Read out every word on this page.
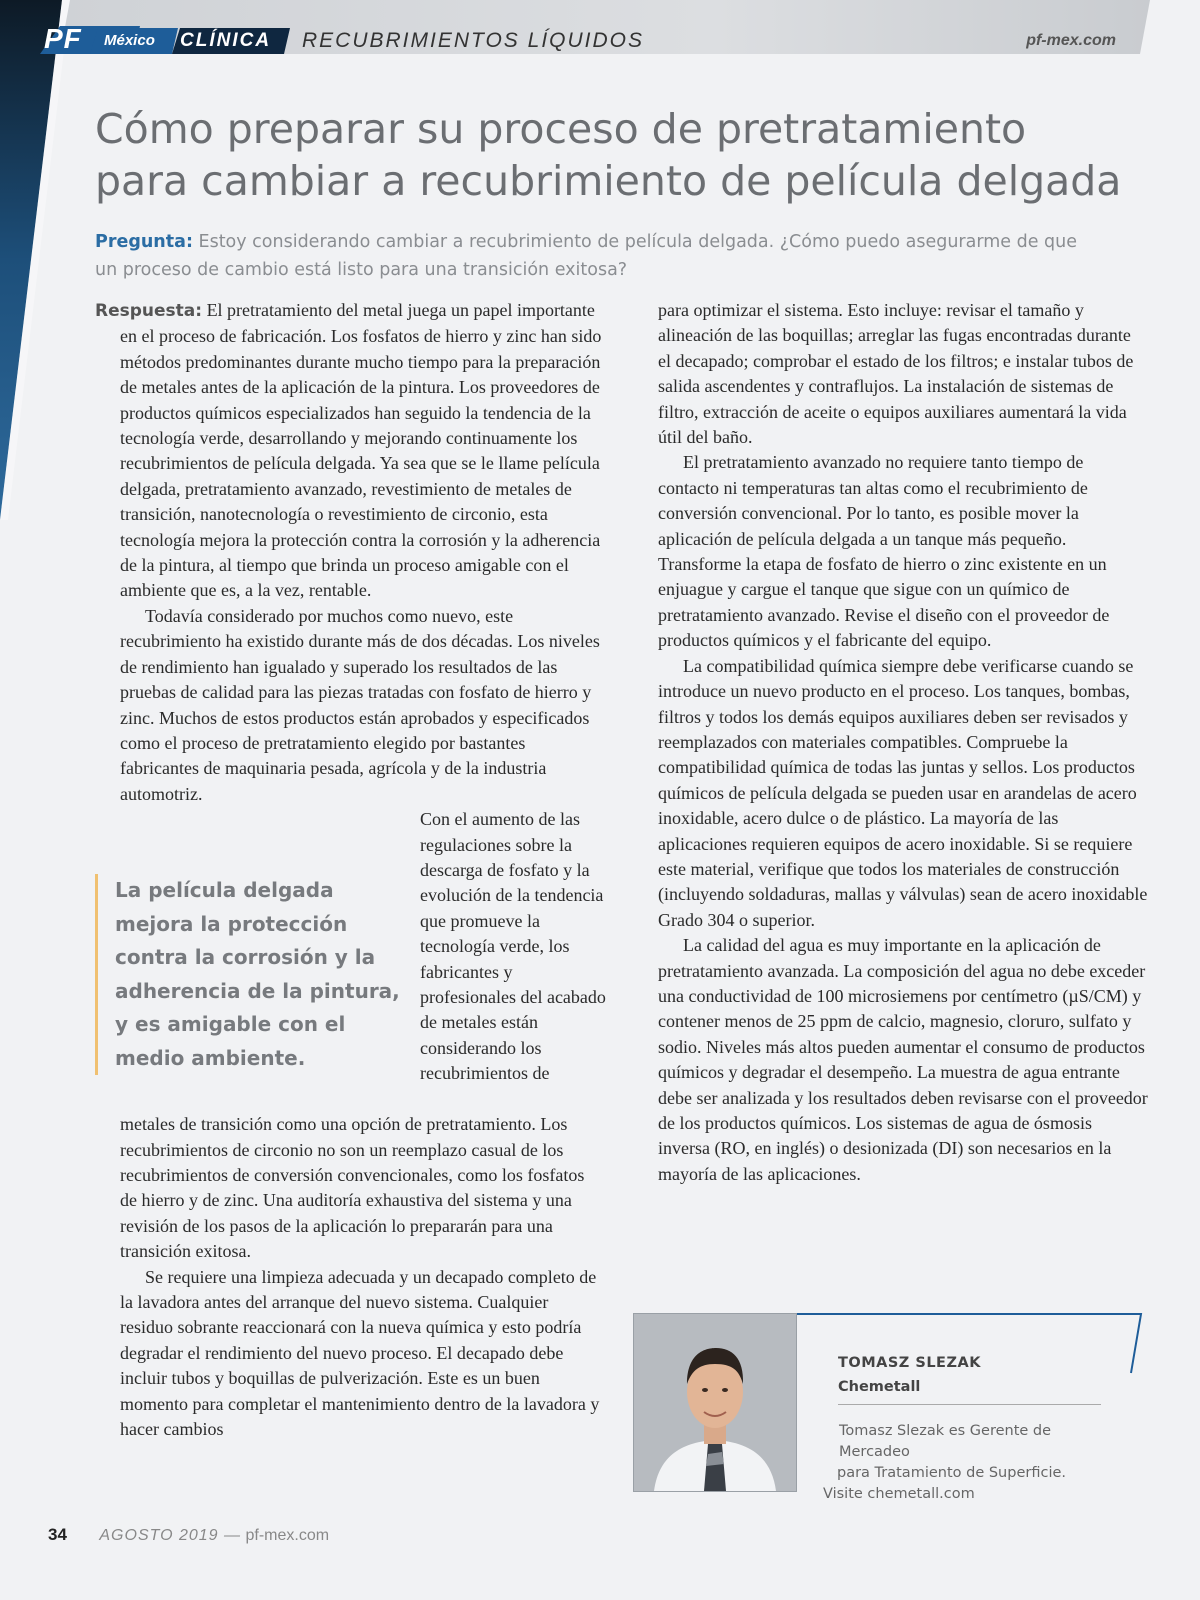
PF México CLÍNICA RECUBRIMIENTOS LÍQUIDOS	pf-mex.com
Cómo preparar su proceso de pretratamiento
para cambiar a recubrimiento de película delgada
Pregunta: Estoy considerando cambiar a recubrimiento de película delgada. ¿Cómo puedo asegurarme de que un proceso de cambio está listo para una transición exitosa?

Respuesta: El pretratamiento del metal juega un papel importante en el proceso de fabricación. Los fosfatos de hierro y zinc han sido métodos predominantes durante mucho tiempo para la preparación de metales antes de la aplicación de la pintura. Los proveedores de productos químicos especializados han seguido la tendencia de la tecnología verde, desarrollando y mejorando continuamente los recubrimientos de película delgada. Ya sea que se le llame película delgada, pretratamiento avanzado, revestimiento de metales de transición, nanotecnología o revestimiento de circonio, esta tecnología mejora la protección contra la corrosión y la adherencia de la pintura, al tiempo que brinda un proceso amigable con el ambiente que es, a la vez, rentable.

Todavía considerado por muchos como nuevo, este recubrimiento ha existido durante más de dos décadas. Los niveles de rendimiento han igualado y superado los resultados de las pruebas de calidad para las piezas tratadas con fosfato de hierro y zinc. Muchos de estos productos están aprobados y especificados como el proceso de pretratamiento elegido por bastantes fabricantes de maquinaria pesada, agrícola y de la industria automotriz.

La película delgada mejora la protección contra la corrosión y la adherencia de la pintura, y es amigable con el medio ambiente.
Con el aumento de las regulaciones sobre la descarga de fosfato y la evolución de la tendencia que promueve la tecnología verde, los fabricantes y profesionales del acabado de metales están considerando los recubrimientos de

metales de transición como una opción de pretratamiento. Los recubrimientos de circonio no son un reemplazo casual de los recubrimientos de conversión convencionales, como los fosfatos de hierro y de zinc. Una auditoría exhaustiva del sistema y una revisión de los pasos de la aplicación lo prepararán para una transición exitosa.

Se requiere una limpieza adecuada y un decapado completo de la lavadora antes del arranque del nuevo sistema. Cualquier residuo sobrante reaccionará con la nueva química y esto podría degradar el rendimiento del nuevo proceso. El decapado debe incluir tubos y boquillas de pulverización. Este es un buen momento para completar el mantenimiento dentro de la lavadora y hacer cambios

para optimizar el sistema. Esto incluye: revisar el tamaño y alineación de las boquillas; arreglar las fugas encontradas durante el decapado; comprobar el estado de los filtros; e instalar tubos de salida ascendentes y contraflujos. La instalación de sistemas de filtro, extracción de aceite o equipos auxiliares aumentará la vida útil del baño.

El pretratamiento avanzado no requiere tanto tiempo de contacto ni temperaturas tan altas como el recubrimiento de conversión convencional. Por lo tanto, es posible mover la aplicación de película delgada a un tanque más pequeño. Transforme la etapa de fosfato de hierro o zinc existente en un enjuague y cargue el tanque que sigue con un químico de pretratamiento avanzado. Revise el diseño con el proveedor de productos químicos y el fabricante del equipo.

La compatibilidad química siempre debe verificarse cuando se introduce un nuevo producto en el proceso. Los tanques, bombas, filtros y todos los demás equipos auxiliares deben ser revisados y reemplazados con materiales compatibles. Compruebe la compatibilidad química de todas las juntas y sellos. Los productos químicos de película delgada se pueden usar en arandelas de acero inoxidable, acero dulce o de plástico. La mayoría de las aplicaciones requieren equipos de acero inoxidable. Si se requiere este material, verifique que todos los materiales de construcción (incluyendo soldaduras, mallas y válvulas) sean de acero inoxidable Grado 304 o superior.

La calidad del agua es muy importante en la aplicación de pretratamiento avanzada. La composición del agua no debe exceder una conductividad de 100 microsiemens por centímetro (µS/CM) y contener menos de 25 ppm de calcio, magnesio, cloruro, sulfato y sodio. Niveles más altos pueden aumentar el consumo de productos químicos y degradar el desempeño. La muestra de agua entrante debe ser analizada y los resultados deben revisarse con el proveedor de los productos químicos. Los sistemas de agua de ósmosis inversa (RO, en inglés) o desionizada (DI) son necesarios en la mayoría de las aplicaciones.

TOMASZ SLEZAK
Chemetall
Tomasz Slezak es Gerente de Mercadeo
para Tratamiento de Superficie.
Visite chemetall.com
34 AGOSTO 2019 — pf-mex.com
